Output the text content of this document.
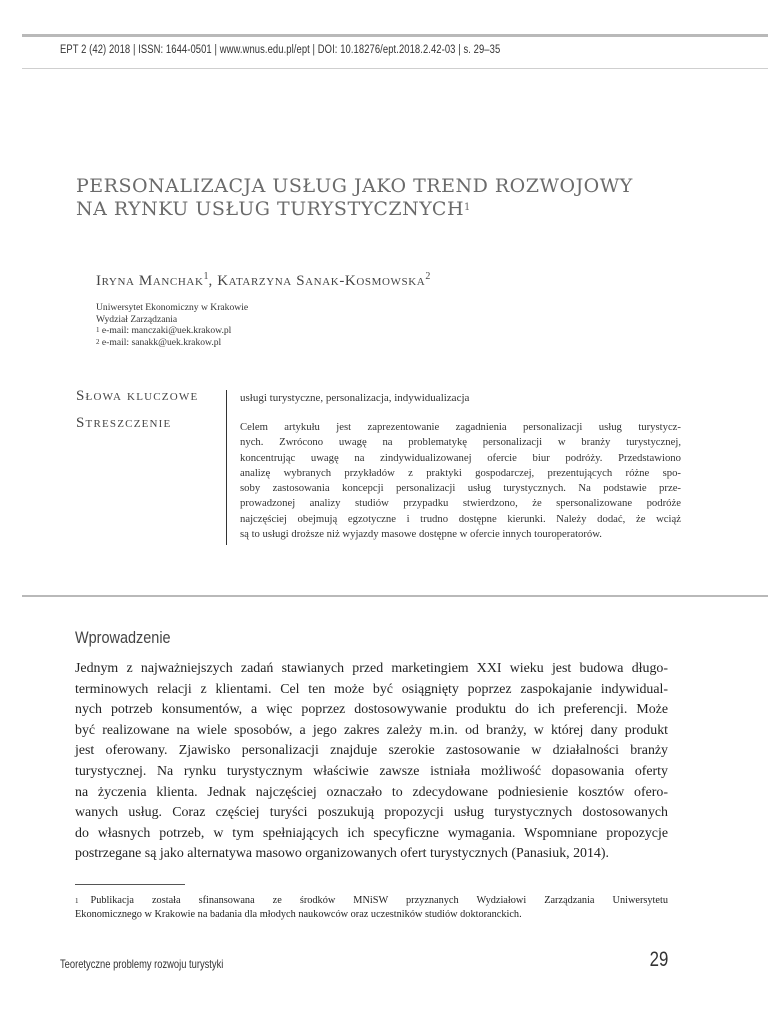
EPT 2 (42) 2018 | ISSN: 1644-0501 | www.wnus.edu.pl/ept | DOI: 10.18276/ept.2018.2.42-03 | s. 29–35
PERSONALIZACJA USŁUG JAKO TREND ROZWOJOWY
NA RYNKU USŁUG TURYSTYCZNYCH$^1$
Iryna Manchak$^1$, Katarzyna Sanak-Kosmowska$^2$
Uniwersytet Ekonomiczny w Krakowie
Wydział Zarządzania
$^1$ e-mail: manczaki@uek.krakow.pl
$^2$ e-mail: sanakk@uek.krakow.pl
Słowa kluczowe
Streszczenie
usługi turystyczne, personalizacja, indywidualizacja
Celem artykułu jest zaprezentowanie zagadnienia personalizacji usług turystycz-
nych. Zwrócono uwagę na problematykę personalizacji w branży turystycznej,
koncentrując uwagę na zindywidualizowanej ofercie biur podróży. Przedstawiono
analizę wybranych przykładów z praktyki gospodarczej, prezentujących różne spo-
soby zastosowania koncepcji personalizacji usług turystycznych. Na podstawie prze-
prowadzonej analizy studiów przypadku stwierdzono, że spersonalizowane podróże
najczęściej obejmują egzotyczne i trudno dostępne kierunki. Należy dodać, że wciąż
są to usługi droższe niż wyjazdy masowe dostępne w ofercie innych touroperatorów.
Wprowadzenie
Jednym z najważniejszych zadań stawianych przed marketingiem XXI wieku jest budowa długo-
terminowych relacji z klientami. Cel ten może być osiągnięty poprzez zaspokajanie indywidual-
nych potrzeb konsumentów, a więc poprzez dostosowywanie produktu do ich preferencji. Może
być realizowane na wiele sposobów, a jego zakres zależy m.in. od branży, w której dany produkt
jest oferowany. Zjawisko personalizacji znajduje szerokie zastosowanie w działalności branży
turystycznej. Na rynku turystycznym właściwie zawsze istniała możliwość dopasowania oferty
na życzenia klienta. Jednak najczęściej oznaczało to zdecydowane podniesienie kosztów ofero-
wanych usług. Coraz częściej turyści poszukują propozycji usług turystycznych dostosowanych
do własnych potrzeb, w tym spełniających ich specyficzne wymagania. Wspomniane propozycje
postrzegane są jako alternatywa masowo organizowanych ofert turystycznych (Panasiuk, 2014).
$^1$ Publikacja została sfinansowana ze środków MNiSW przyznanych Wydziałowi Zarządzania Uniwersytetu
Ekonomicznego w Krakowie na badania dla młodych naukowców oraz uczestników studiów doktoranckich.
Teoretyczne problemy rozwoju turystyki	29
